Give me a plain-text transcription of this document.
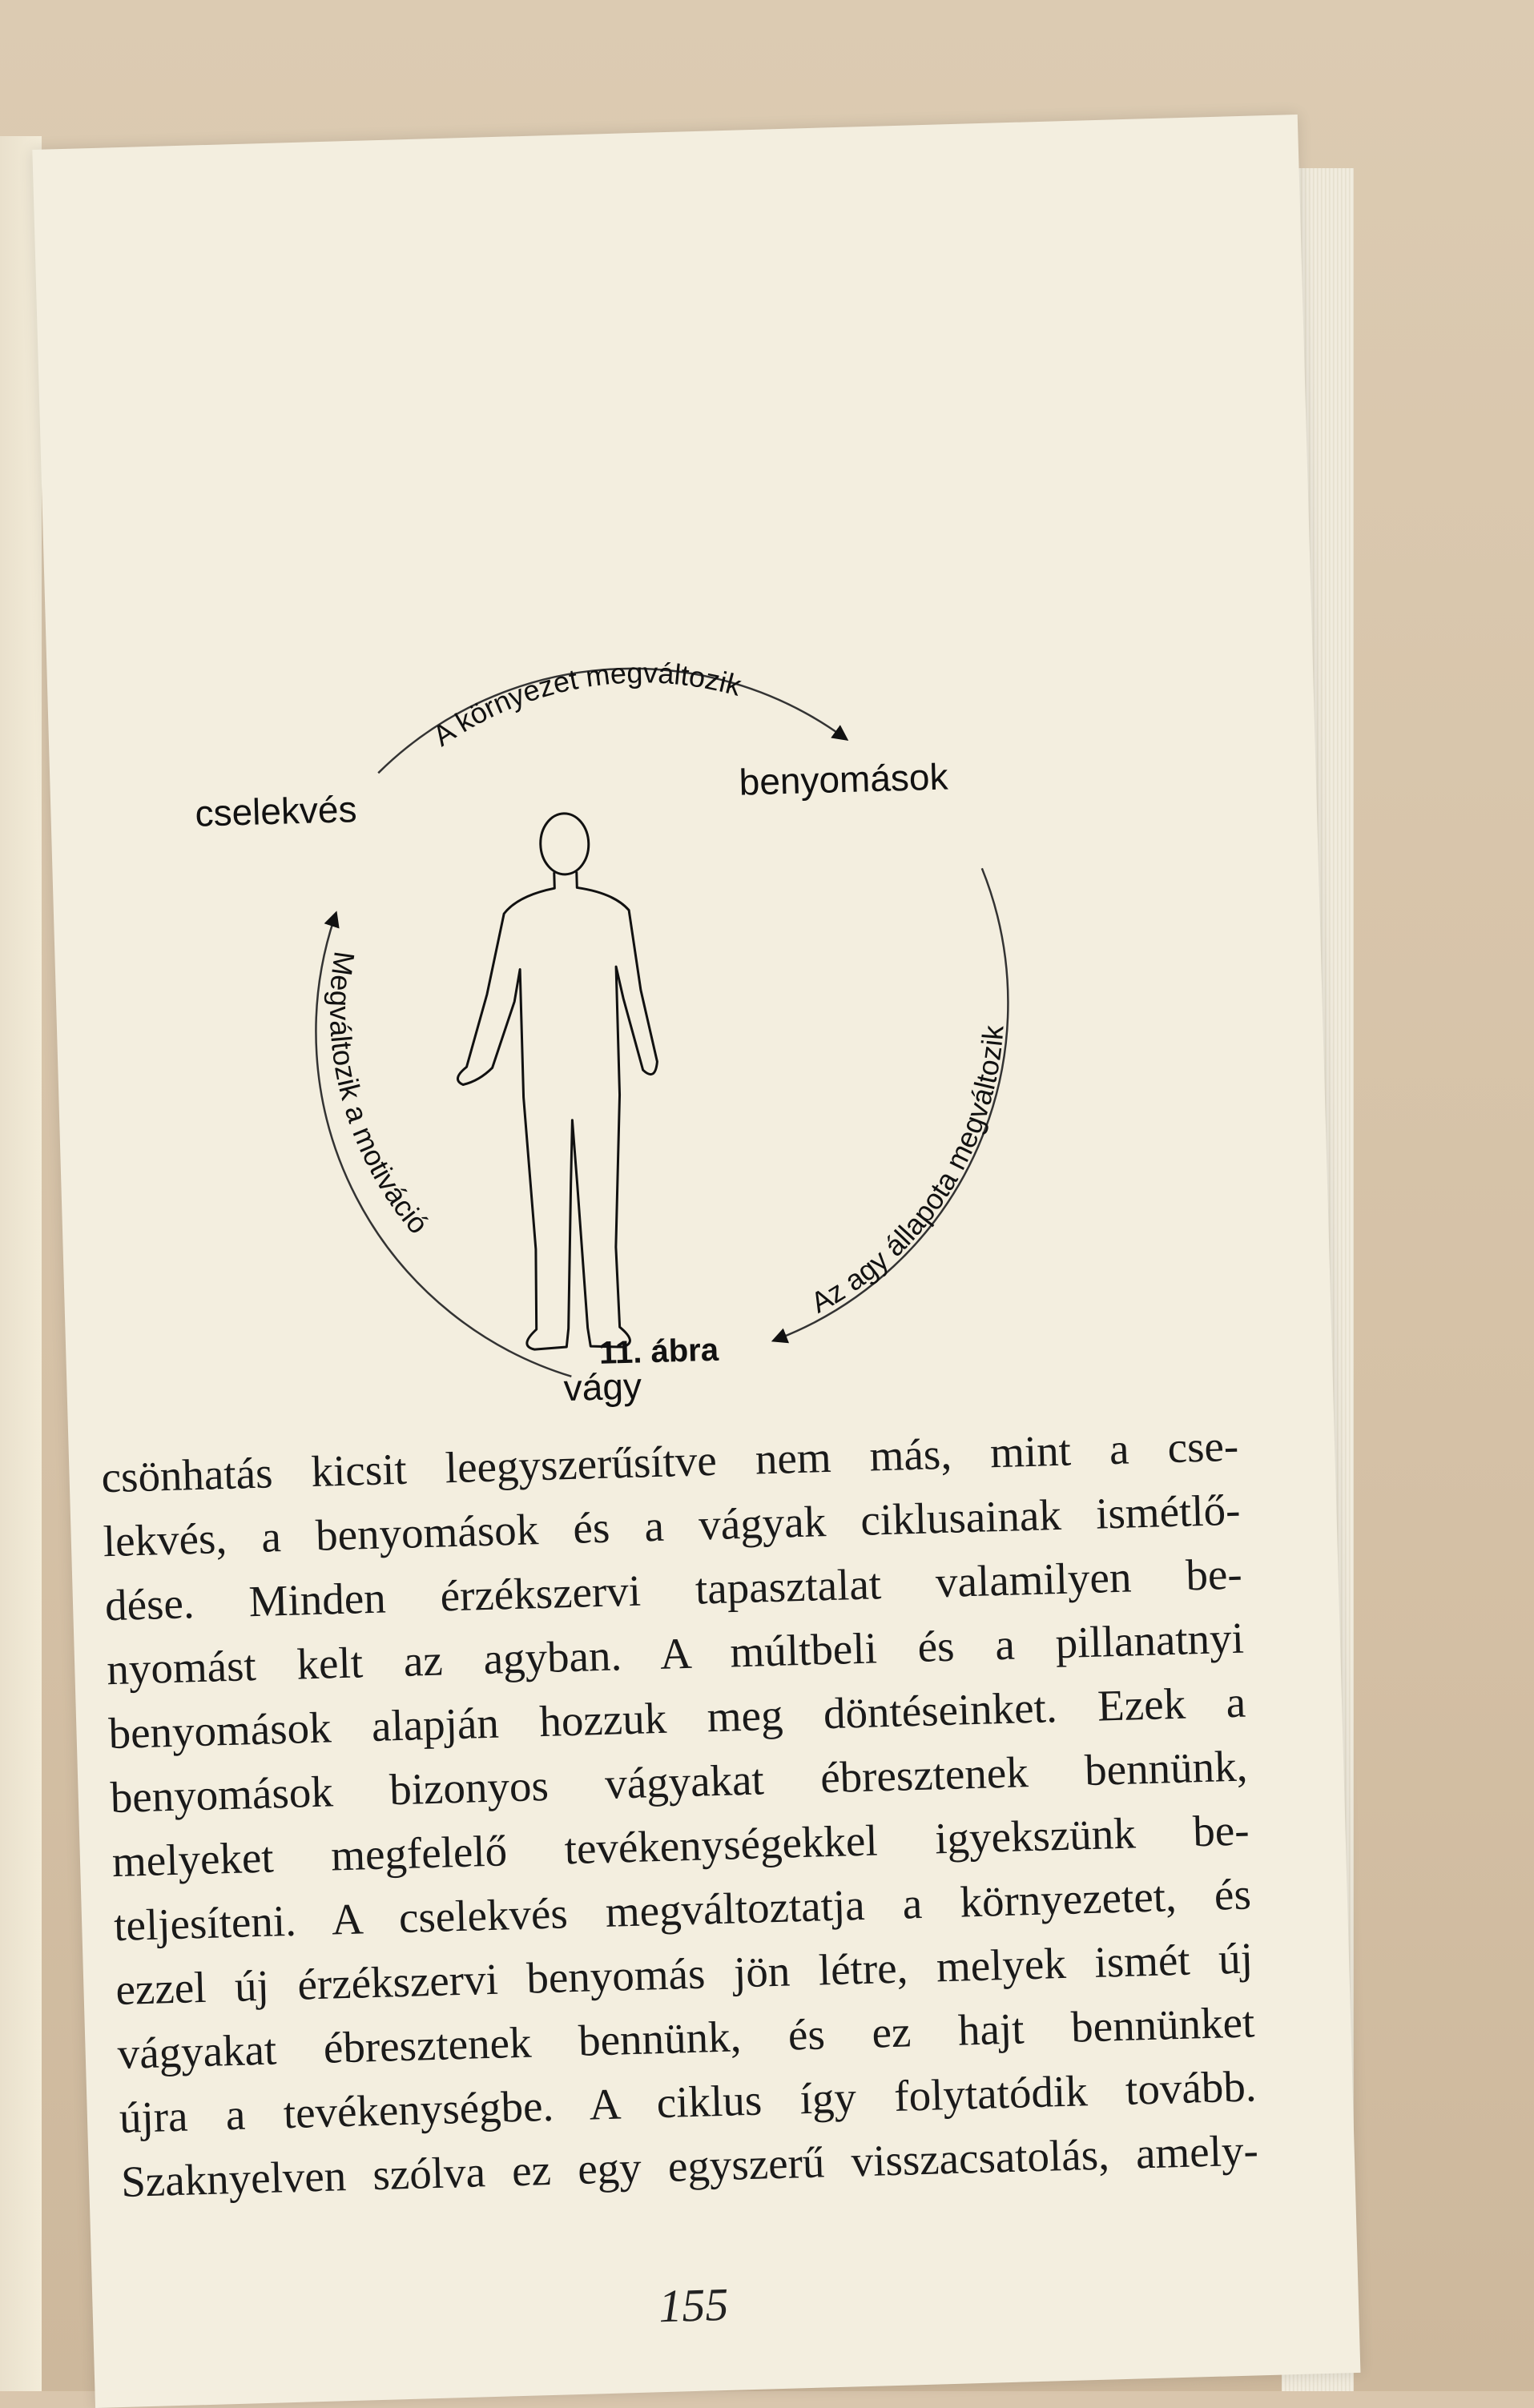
A környezet megváltozik
Az agy állapota megváltozik
Megváltozik a motiváció
cselekvés
benyomások
vágy
11. ábra
csönhatás kicsit leegyszerűsítve nem más, mint a cse-
lekvés, a benyomások és a vágyak ciklusainak ismétlő-
dése. Minden érzékszervi tapasztalat valamilyen be-
nyomást kelt az agyban. A múltbeli és a pillanatnyi
benyomások alapján hozzuk meg döntéseinket. Ezek a
benyomások bizonyos vágyakat ébresztenek bennünk,
melyeket megfelelő tevékenységekkel igyekszünk be-
teljesíteni. A cselekvés megváltoztatja a környezetet, és
ezzel új érzékszervi benyomás jön létre, melyek ismét új
vágyakat ébresztenek bennünk, és ez hajt bennünket
újra a tevékenységbe. A ciklus így folytatódik tovább.
Szaknyelven szólva ez egy egyszerű visszacsatolás, amely-
155
